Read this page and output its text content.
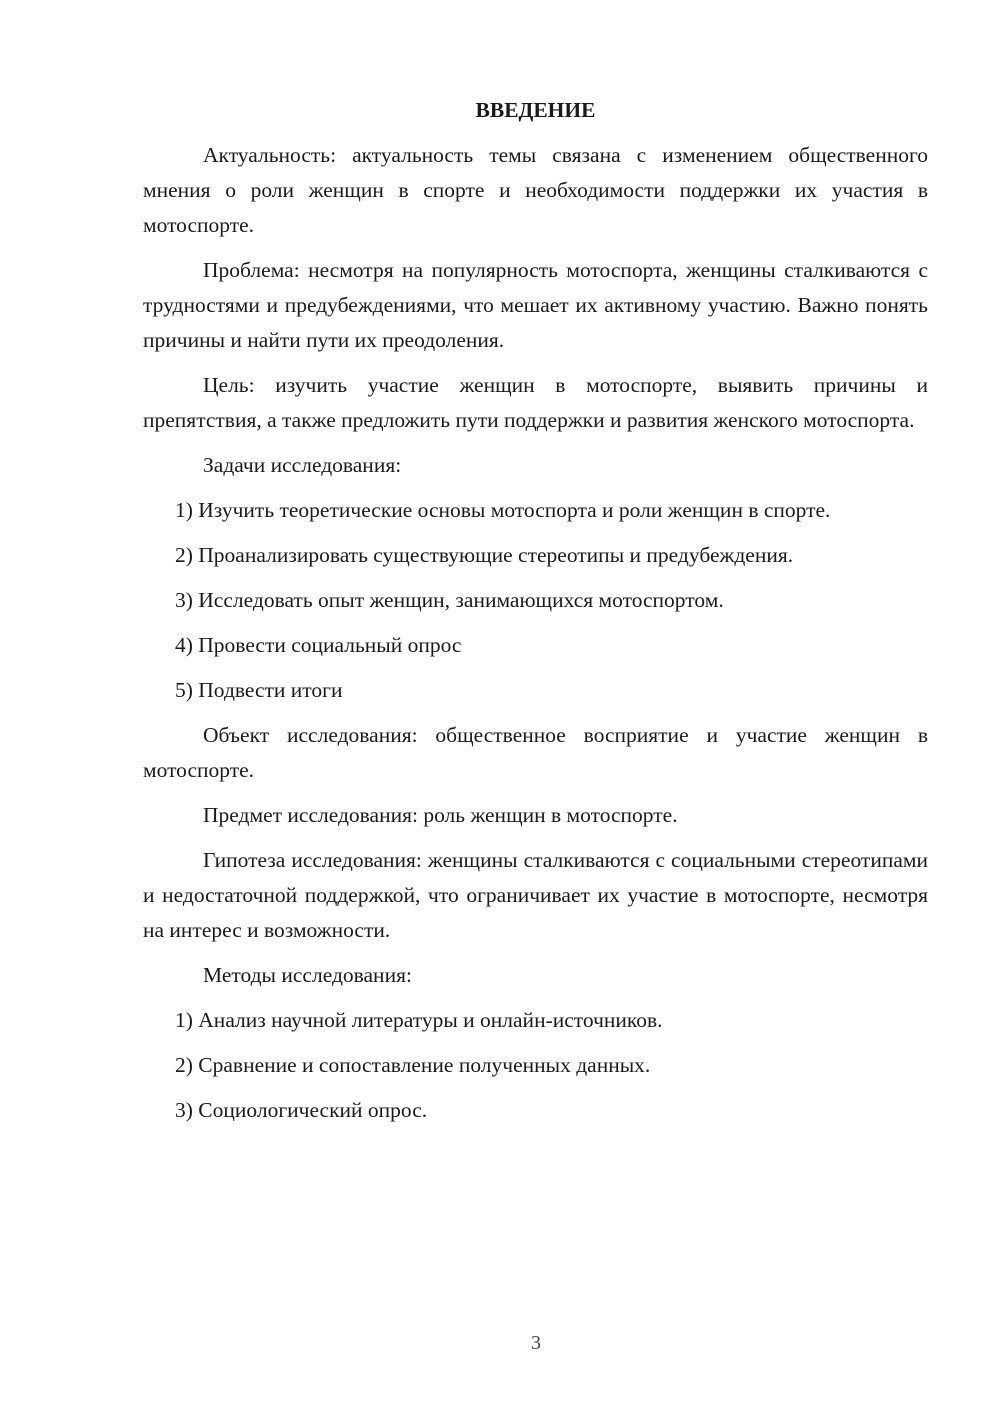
ВВЕДЕНИЕ

Актуальность: актуальность темы связана с изменением общественного мнения о роли женщин в спорте и необходимости поддержки их участия в мотоспорте.

Проблема: несмотря на популярность мотоспорта, женщины сталкиваются с трудностями и предубеждениями, что мешает их активному участию. Важно понять причины и найти пути их преодоления.

Цель: изучить участие женщин в мотоспорте, выявить причины и препятствия, а также предложить пути поддержки и развития женского мотоспорта.

Задачи исследования:

1) Изучить теоретические основы мотоспорта и роли женщин в спорте.

2) Проанализировать существующие стереотипы и предубеждения.

3) Исследовать опыт женщин, занимающихся мотоспортом.

4) Провести социальный опрос

5) Подвести итоги

Объект исследования: общественное восприятие и участие женщин в мотоспорте.

Предмет исследования: роль женщин в мотоспорте.

Гипотеза исследования: женщины сталкиваются с социальными стереотипами и недостаточной поддержкой, что ограничивает их участие в мотоспорте, несмотря на интерес и возможности.

Методы исследования:

1) Анализ научной литературы и онлайн-источников.

2) Сравнение и сопоставление полученных данных.

3) Социологический опрос.

3
